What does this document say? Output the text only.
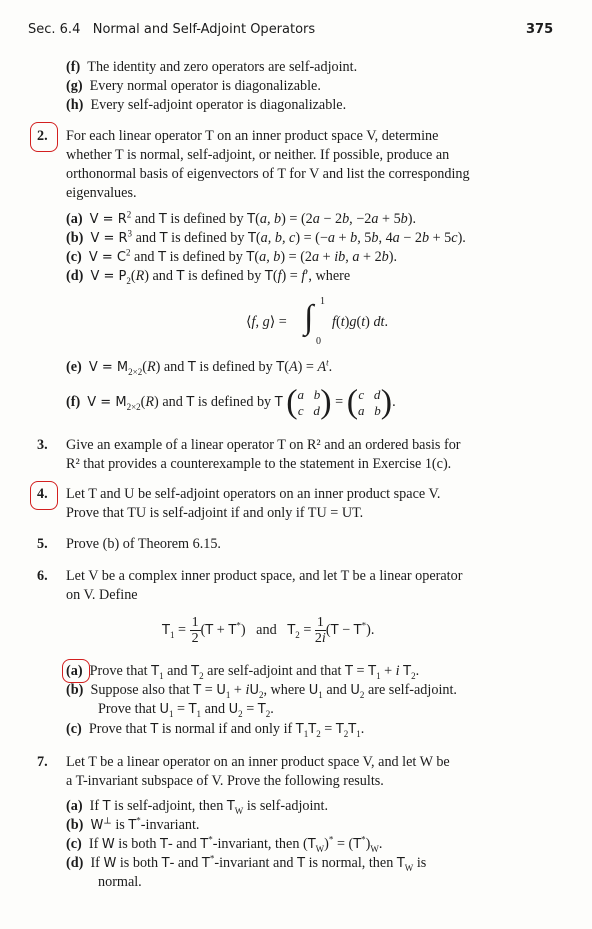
Sec. 6.4 Normal and Self-Adjoint Operators	375
(f) The identity and zero operators are self-adjoint.
(g) Every normal operator is diagonalizable.
(h) Every self-adjoint operator is diagonalizable.
2. For each linear operator T on an inner product space V, determine
whether T is normal, self-adjoint, or neither. If possible, produce an
orthonormal basis of eigenvectors of T for V and list the corresponding
eigenvalues.
(a) $V = R^2$ and T is defined by T(a, b) = (2a − 2b, −2a + 5b).
(b) $V = R^3$ and T is defined by T(a, b, c) = (−a + b, 5b, 4a − 2b + 5c).
(c) $V = C^2$ and T is defined by T(a, b) = (2a + ib, a + 2b).
(d) $V = P_2(R)$ and T is defined by T(f) = f′, where
⟨f, g⟩ = ∫ 1
0
f(t)g(t) dt.
(e) $V = M_{2\times 2}(R)$ and T is defined by $T(A) = A^t$.
(f) $V = M_{2\times 2}(R)$ and T is defined by T ( a   b
c   d ) = ( c   d
a   b ).
3. Give an example of a linear operator T on R² and an ordered basis for
R² that provides a counterexample to the statement in Exercise 1(c).
4. Let T and U be self-adjoint operators on an inner product space V.
Prove that TU is self-adjoint if and only if TU = UT.
5. Prove (b) of Theorem 6.15.
6. Let V be a complex inner product space, and let T be a linear operator
on V. Define
$T_1 = \frac{1}{2} (T + T^*)$   and   $T_2 = \frac{1}{2i} (T - T^*)$.
(a)  Prove that $T_1$ and $T_2$ are self-adjoint and that $T = T_1 + i$ $T_2$.
(b)  Suppose also that $T = U_1 + iU_2$, where $U_1$ and $U_2$ are self-adjoint.
Prove that $U_1 = T_1$ and $U_2 = T_2$.
(c)  Prove that T is normal if and only if $T_1T_2 = T_2T_1$.
7. Let T be a linear operator on an inner product space V, and let W be
a T-invariant subspace of V. Prove the following results.
(a)  If T is self-adjoint, then $T_W$ is self-adjoint.
(b) W⊥ is T*-invariant.
(c)  If W is both T- and T*-invariant, then $(T_W)^* = (T^*)_W$.
(d)  If W is both T- and T*-invariant and T is normal, then $T_W$ is
normal.
